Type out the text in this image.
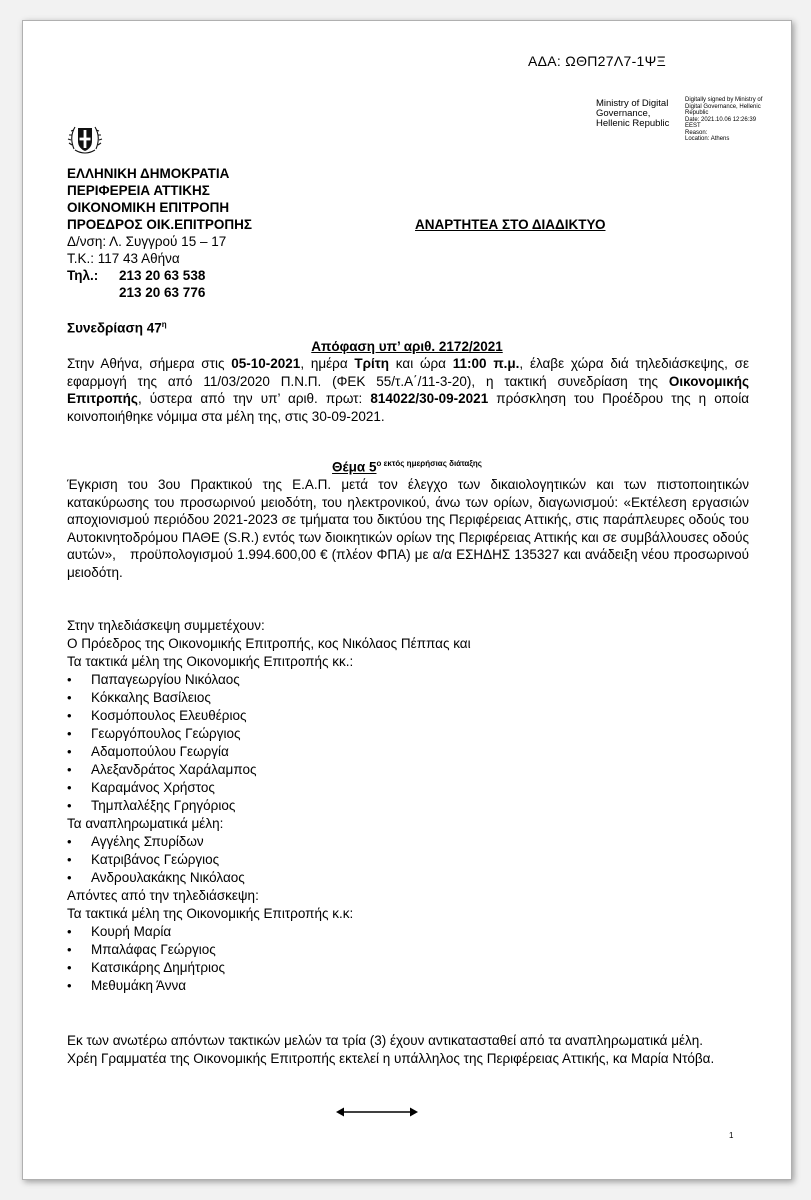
ΑΔΑ: ΩΘΠ27Λ7-1ΨΞ
Ministry of Digital
Governance,
Hellenic Republic
Digitally signed by Ministry of
Digital Governance, Hellenic
Republic
Date: 2021.10.06 12:26:39
EEST
Reason:
Location: Athens
ΕΛΛΗΝΙΚΗ ΔΗΜΟΚΡΑΤΙΑ
ΠΕΡΙΦΕΡΕΙΑ ΑΤΤΙΚΗΣ
ΟΙΚΟΝΟΜΙΚΗ ΕΠΙΤΡΟΠΗ
ΠΡΟΕΔΡΟΣ ΟΙΚ.ΕΠΙΤΡΟΠΗΣ
Δ/νση: Λ. Συγγρού 15 – 17
Τ.Κ.: 117 43 Αθήνα
Τηλ.: 213 20 63 538
213 20 63 776
ΑΝΑΡΤΗΤΕΑ ΣΤΟ ΔΙΑΔΙΚΤΥΟ
Συνεδρίαση $47^\eta$
Απόφαση υπ’ αριθ. 2172/2021
Στην Αθήνα, σήμερα στις 05-10-2021, ημέρα Τρίτη και ώρα 11:00 π.μ., έλαβε χώρα διά τηλεδιάσκεψης, σε εφαρμογή της από 11/03/2020 Π.Ν.Π. (ΦΕΚ 55/τ.Α΄/11-3-20), η τακτική συνεδρίαση της Οικονομικής Επιτροπής, ύστερα από την υπ’ αριθ. πρωτ: 814022/30-09-2021 πρόσκληση του Προέδρου της η οποία κοινοποιήθηκε νόμιμα στα μέλη της, στις 30-09-2021.
Θέμα $5^{o \varepsilon\kappa\tau ό\varsigma \eta\mu\varepsilon\rho ή\sigma\iota\alpha\varsigma \delta\iota ά\tau\alpha\xi\eta\varsigma}$
Έγκριση του 3ου Πρακτικού της Ε.Α.Π. μετά τον έλεγχο των δικαιολογητικών και των πιστοποιητικών κατακύρωσης του προσωρινού μειοδότη, του ηλεκτρονικού, άνω των ορίων, διαγωνισμού: «Εκτέλεση εργασιών αποχιονισμού περιόδου 2021-2023 σε τμήματα του δικτύου της Περιφέρειας Αττικής, στις παράπλευρες οδούς του Αυτοκινητοδρόμου ΠΑΘΕ (S.R.) εντός των διοικητικών ορίων της Περιφέρειας Αττικής και σε συμβάλλουσες οδούς αυτών», προϋπολογισμού 1.994.600,00 € (πλέον ΦΠΑ) με α/α ΕΣΗΔΗΣ 135327 και ανάδειξη νέου προσωρινού μειοδότη.
Στην τηλεδιάσκεψη συμμετέχουν:
Ο Πρόεδρος της Οικονομικής Επιτροπής, κος Νικόλαος Πέππας και
Τα τακτικά μέλη της Οικονομικής Επιτροπής κκ.:
• Παπαγεωργίου Νικόλαος
• Κόκκαλης Βασίλειος
• Κοσμόπουλος Ελευθέριος
• Γεωργόπουλος Γεώργιος
• Αδαμοπούλου Γεωργία
• Αλεξανδράτος Χαράλαμπος
• Καραμάνος Χρήστος
• Τημπλαλέξης Γρηγόριος
Τα αναπληρωματικά μέλη:
• Αγγέλης Σπυρίδων
• Κατριβάνος Γεώργιος
• Ανδρουλακάκης Νικόλαος
Απόντες από την τηλεδιάσκεψη:
Τα τακτικά μέλη της Οικονομικής Επιτροπής κ.κ:
• Κουρή Μαρία
• Μπαλάφας Γεώργιος
• Κατσικάρης Δημήτριος
• Μεθυμάκη Άννα
Εκ των ανωτέρω απόντων τακτικών μελών τα τρία (3) έχουν αντικατασταθεί από τα αναπληρωματικά μέλη.
Χρέη Γραμματέα της Οικονομικής Επιτροπής εκτελεί η υπάλληλος της Περιφέρειας Αττικής, κα Μαρία Ντόβα.
1
